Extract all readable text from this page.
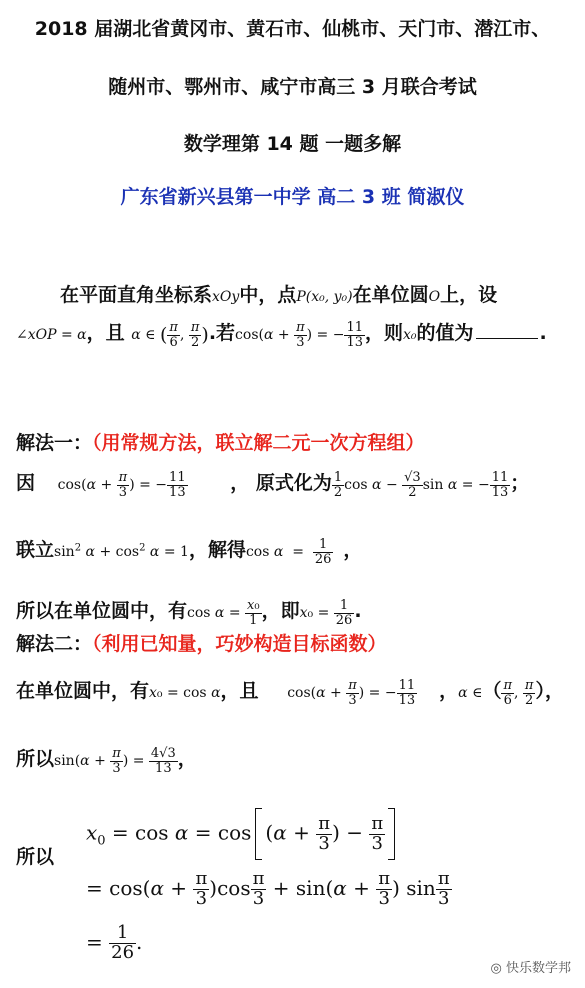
2018 届湖北省黄冈市、黄石市、仙桃市、天门市、潜江市、
随州市、鄂州市、咸宁市高三 3 月联合考试
数学理第 14 题 一题多解
广东省新兴县第一中学 高二 3 班 简淑仪
在平面直角坐标系xOy中，点P(x₀, y₀)在单位圆O上，设
∠xOP = α，且 α ∈ ( $\frac{\pi}{6}$ , $\frac{\pi}{2}$ ).若$\cos(\alpha + \frac{\pi}{3}$ ) = − $\frac{11}{13}$ ，则x₀的值为	.
解法一：（用常规方法，联立解二元一次方程组）
因 $\cos(\alpha + \frac{\pi}{3}$ ) = − $\frac{11}{13}$ ， 原式化为 $\frac{1}{2}$ $\cos \alpha - \frac{√3}{2}$ sin α = − $\frac{11}{13}$ ；
联立$\sin^2 \alpha + \cos^2 \alpha = 1$，解得$\cos \alpha = \frac{1}{26}$ ，
所以在单位圆中，有$\cos \alpha = \frac{\text{x₀}}{1}$ ，即$x_0 = \frac{1}{26}$ .
解法二：（利用已知量，巧妙构造目标函数）
在单位圆中，有x₀ = cos α，且 $\cos(\alpha + \frac{\pi}{3}$ ) = − $\frac{11}{13}$ ，α ∈（ $\frac{\pi}{6}$ , $\frac{\pi}{2}$ ），
所以$\sin(\alpha + \frac{\pi}{3}$ ) = $\frac{4√3}{13}$ ，
所以
$x_0 = \cos \alpha = \cos (\alpha + \frac{\pi}{3}$ ) − $\frac{\pi}{3}$
= $\cos(\alpha + \frac{\pi}{3} )\cos \frac{\pi}{3} + \sin(\alpha + \frac{\pi}{3}$ ) $\sin \frac{\pi}{3}$
= $\frac{1}{26}$ .
◎ 快乐数学邦
